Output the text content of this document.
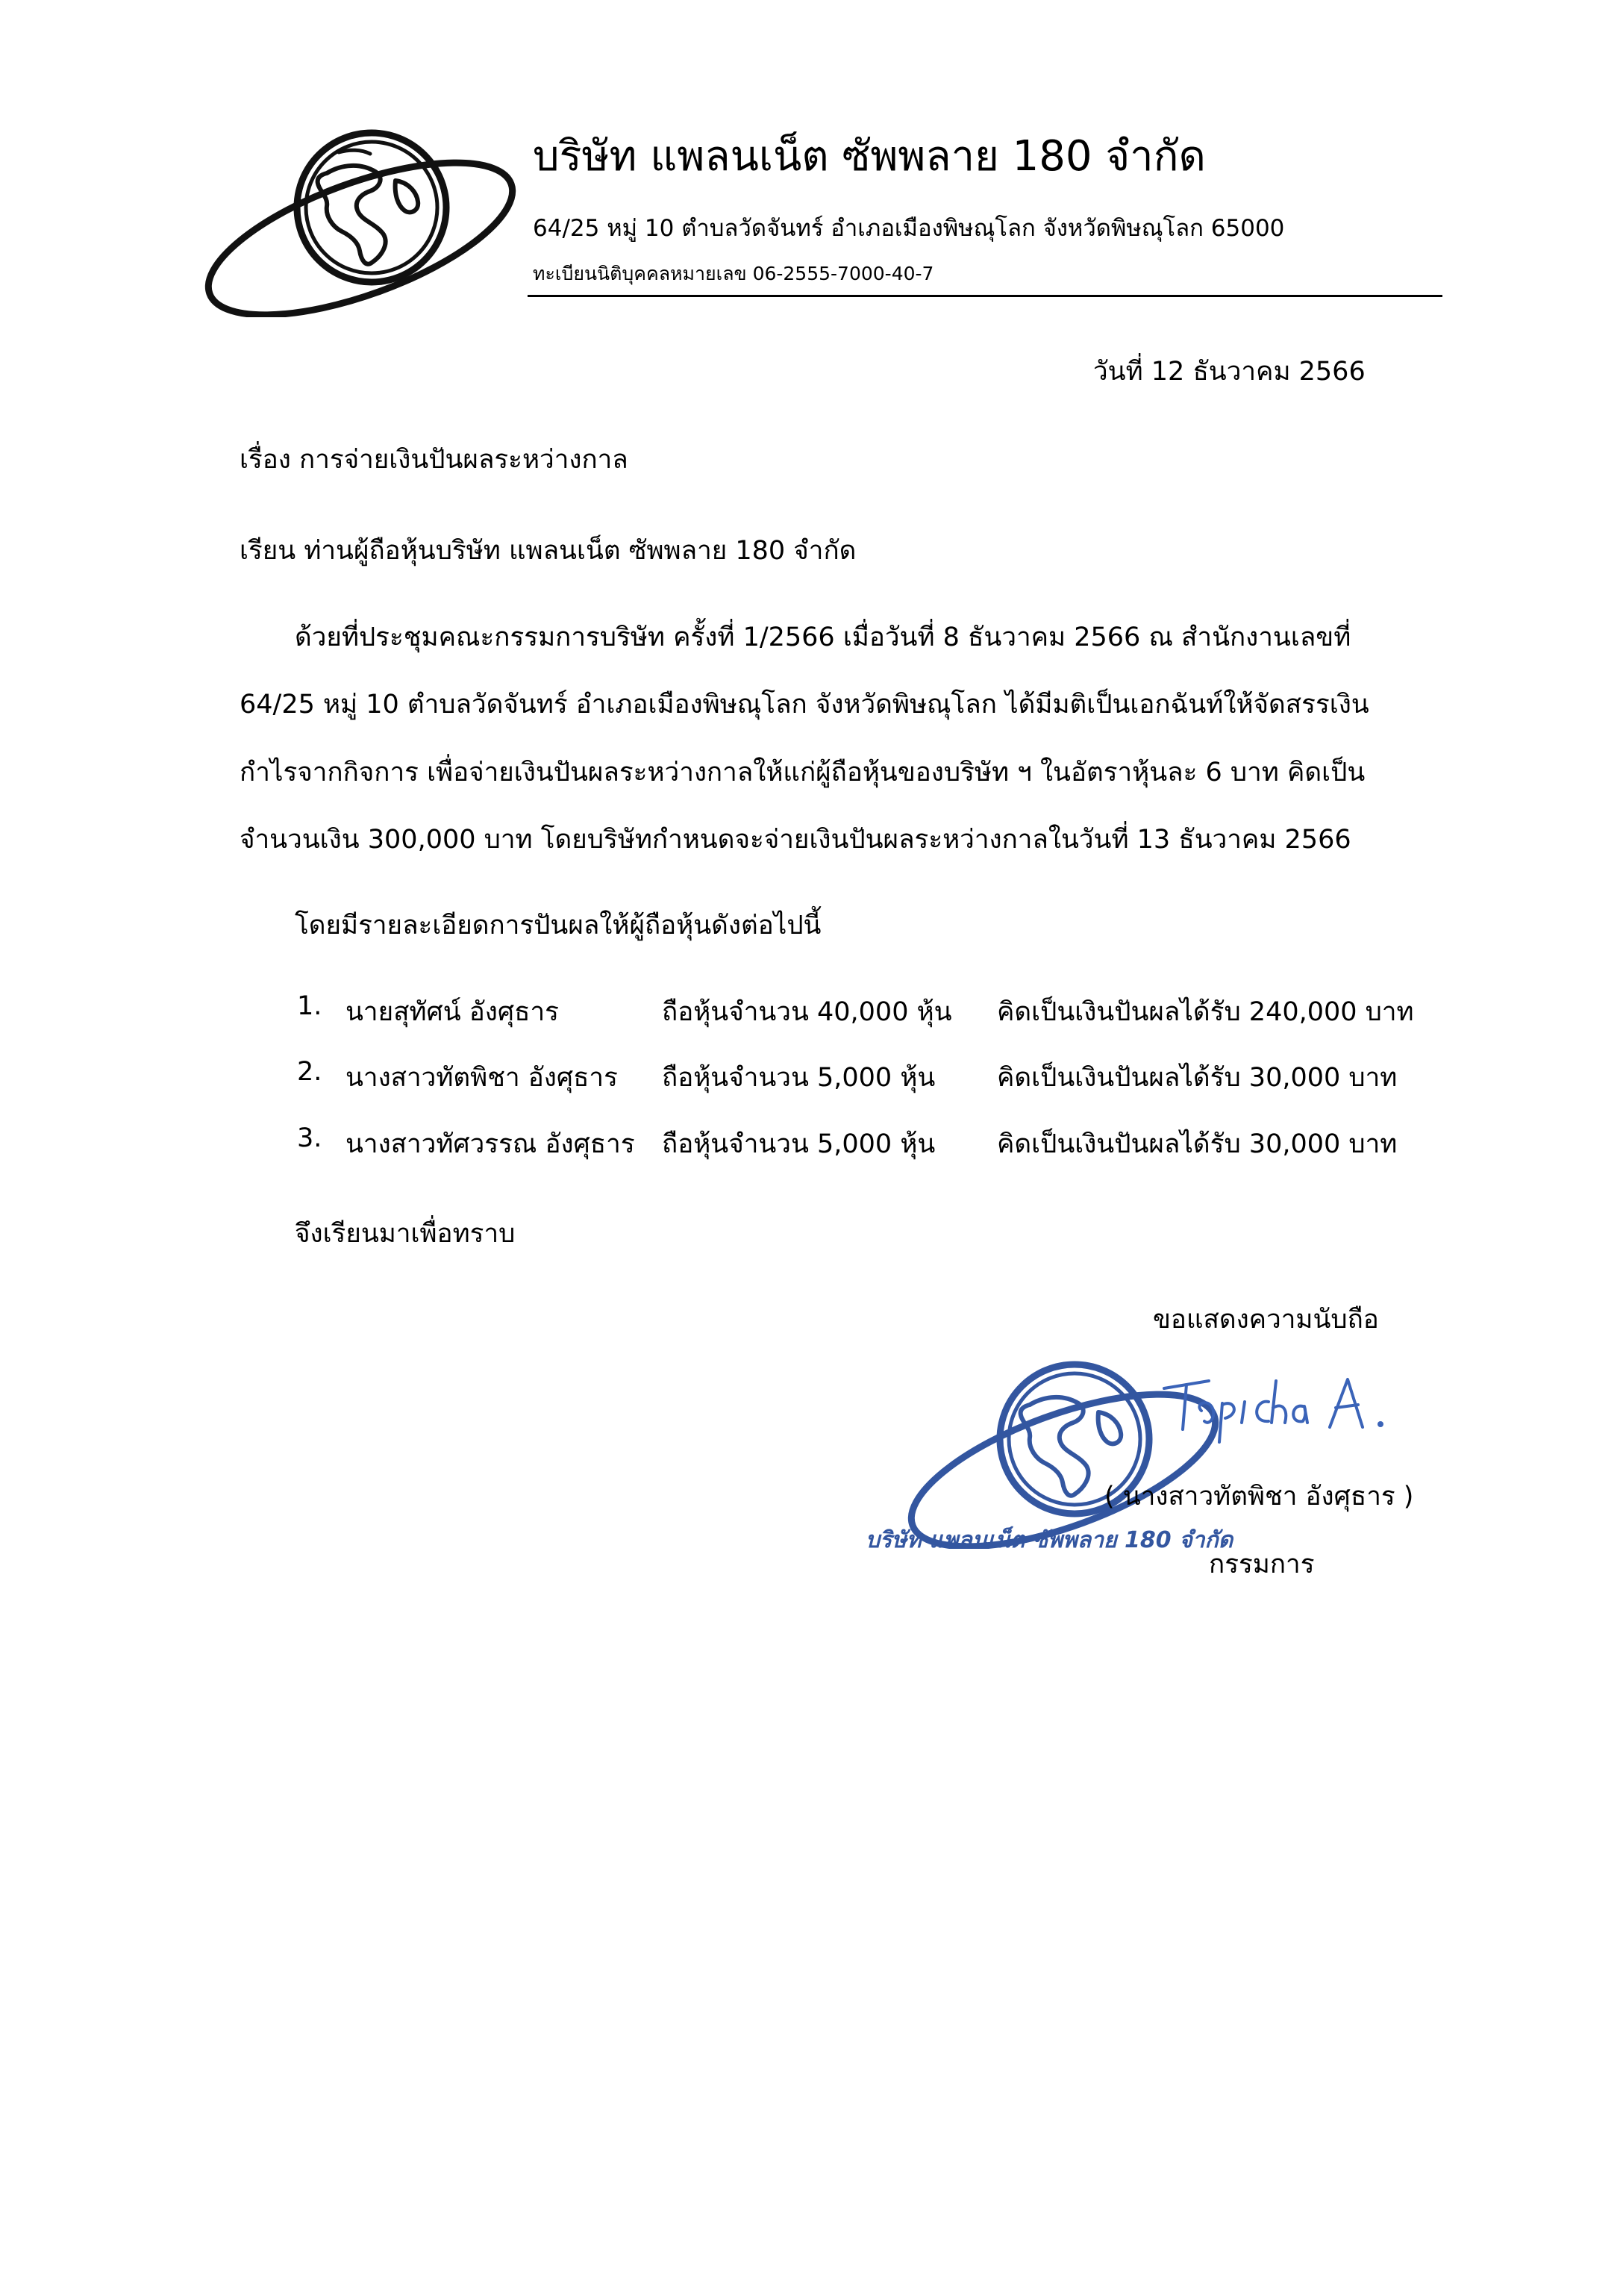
บริษัท แพลนเน็ต ซัพพลาย 180 จำกัด
64/25 หมู่ 10 ตำบลวัดจันทร์ อำเภอเมืองพิษณุโลก จังหวัดพิษณุโลก 65000
ทะเบียนนิติบุคคลหมายเลข 06-2555-7000-40-7
วันที่ 12 ธันวาคม 2566
เรื่อง การจ่ายเงินปันผลระหว่างกาล
เรียน ท่านผู้ถือหุ้นบริษัท แพลนเน็ต ซัพพลาย 180 จำกัด
ด้วยที่ประชุมคณะกรรมการบริษัท ครั้งที่ 1/2566 เมื่อวันที่ 8 ธันวาคม 2566 ณ สำนักงานเลขที่
64/25 หมู่ 10 ตำบลวัดจันทร์ อำเภอเมืองพิษณุโลก จังหวัดพิษณุโลก ได้มีมติเป็นเอกฉันท์ให้จัดสรรเงิน
กำไรจากกิจการ เพื่อจ่ายเงินปันผลระหว่างกาลให้แก่ผู้ถือหุ้นของบริษัท ฯ ในอัตราหุ้นละ 6 บาท คิดเป็น
จำนวนเงิน 300,000 บาท โดยบริษัทกำหนดจะจ่ายเงินปันผลระหว่างกาลในวันที่ 13 ธันวาคม 2566
โดยมีรายละเอียดการปันผลให้ผู้ถือหุ้นดังต่อไปนี้
1. นายสุทัศน์ อังศุธาร	ถือหุ้นจำนวน 40,000 หุ้น คิดเป็นเงินปันผลได้รับ 240,000 บาท
2. นางสาวทัตพิชา อังศุธาร ถือหุ้นจำนวน 5,000 หุ้น คิดเป็นเงินปันผลได้รับ 30,000 บาท
3. นางสาวทัศวรรณ อังศุธาร ถือหุ้นจำนวน 5,000 หุ้น คิดเป็นเงินปันผลได้รับ 30,000 บาท
จึงเรียนมาเพื่อทราบ
ขอแสดงความนับถือ
บริษัท แพลนเน็ต ซัพพลาย 180 จำกัด
( นางสาวทัตพิชา อังศุธาร )
กรรมการ
